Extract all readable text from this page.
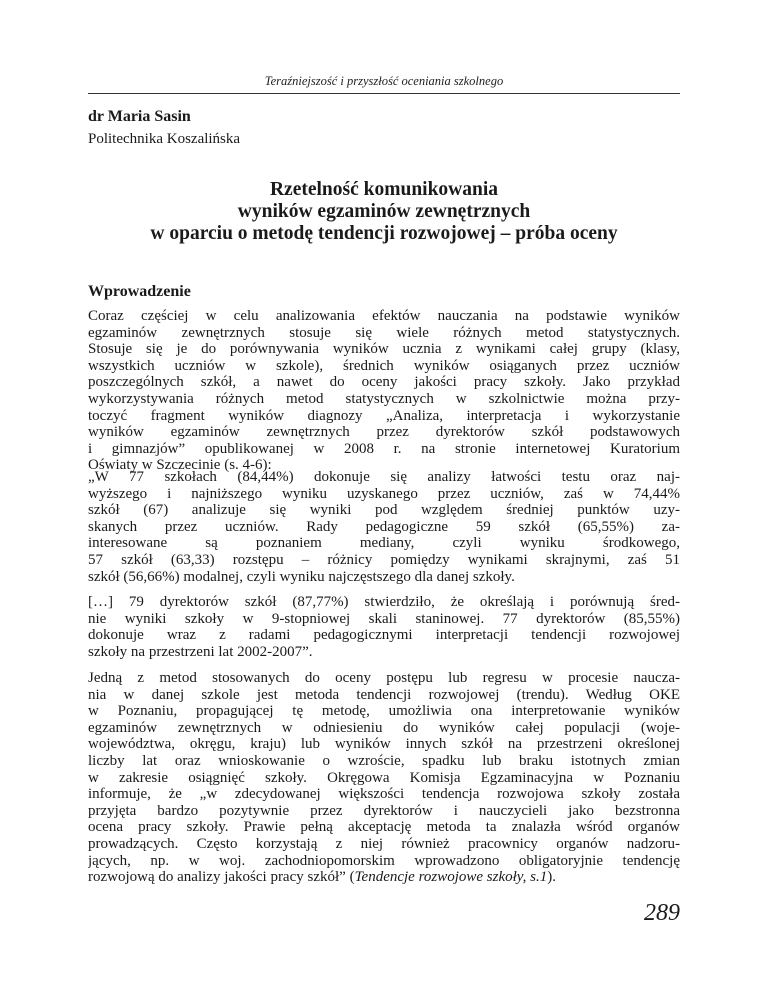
Teraźniejszość i przyszłość oceniania szkolnego
dr Maria Sasin
Politechnika Koszalińska
Rzetelność komunikowania
wyników egzaminów zewnętrznych
w oparciu o metodę tendencji rozwojowej – próba oceny
Wprowadzenie
Coraz częściej w celu analizowania efektów nauczania na podstawie wyników
egzaminów zewnętrznych stosuje się wiele różnych metod statystycznych.
Stosuje się je do porównywania wyników ucznia z wynikami całej grupy (klasy,
wszystkich uczniów w szkole), średnich wyników osiąganych przez uczniów
poszczególnych szkół, a nawet do oceny jakości pracy szkoły. Jako przykład
wykorzystywania różnych metod statystycznych w szkolnictwie można przy-
toczyć fragment wyników diagnozy „Analiza, interpretacja i wykorzystanie
wyników egzaminów zewnętrznych przez dyrektorów szkół podstawowych
i gimnazjów” opublikowanej w 2008 r. na stronie internetowej Kuratorium
Oświaty w Szczecinie (s. 4-6):
„W 77 szkołach (84,44%) dokonuje się analizy łatwości testu oraz naj-
wyższego i najniższego wyniku uzyskanego przez uczniów, zaś w 74,44%
szkół (67) analizuje się wyniki pod względem średniej punktów uzy-
skanych przez uczniów. Rady pedagogiczne 59 szkół (65,55%) za-
interesowane są poznaniem mediany, czyli wyniku środkowego,
57 szkół (63,33) rozstępu – różnicy pomiędzy wynikami skrajnymi, zaś 51
szkół (56,66%) modalnej, czyli wyniku najczęstszego dla danej szkoły.
[…] 79 dyrektorów szkół (87,77%) stwierdziło, że określają i porównują śred-
nie wyniki szkoły w 9-stopniowej skali staninowej. 77 dyrektorów (85,55%)
dokonuje wraz z radami pedagogicznymi interpretacji tendencji rozwojowej
szkoły na przestrzeni lat 2002-2007”.
Jedną z metod stosowanych do oceny postępu lub regresu w procesie naucza-
nia w danej szkole jest metoda tendencji rozwojowej (trendu). Według OKE
w Poznaniu, propagującej tę metodę, umożliwia ona interpretowanie wyników
egzaminów zewnętrznych w odniesieniu do wyników całej populacji (woje-
województwa, okręgu, kraju) lub wyników innych szkół na przestrzeni określonej
liczby lat oraz wnioskowanie o wzroście, spadku lub braku istotnych zmian
w zakresie osiągnięć szkoły. Okręgowa Komisja Egzaminacyjna w Poznaniu
informuje, że „w zdecydowanej większości tendencja rozwojowa szkoły została
przyjęta bardzo pozytywnie przez dyrektorów i nauczycieli jako bezstronna
ocena pracy szkoły. Prawie pełną akceptację metoda ta znalazła wśród organów
prowadzących. Często korzystają z niej również pracownicy organów nadzoru-
jących, np. w woj. zachodniopomorskim wprowadzono obligatoryjnie tendencję
rozwojową do analizy jakości pracy szkół” (Tendencje rozwojowe szkoły, s.1).
289
